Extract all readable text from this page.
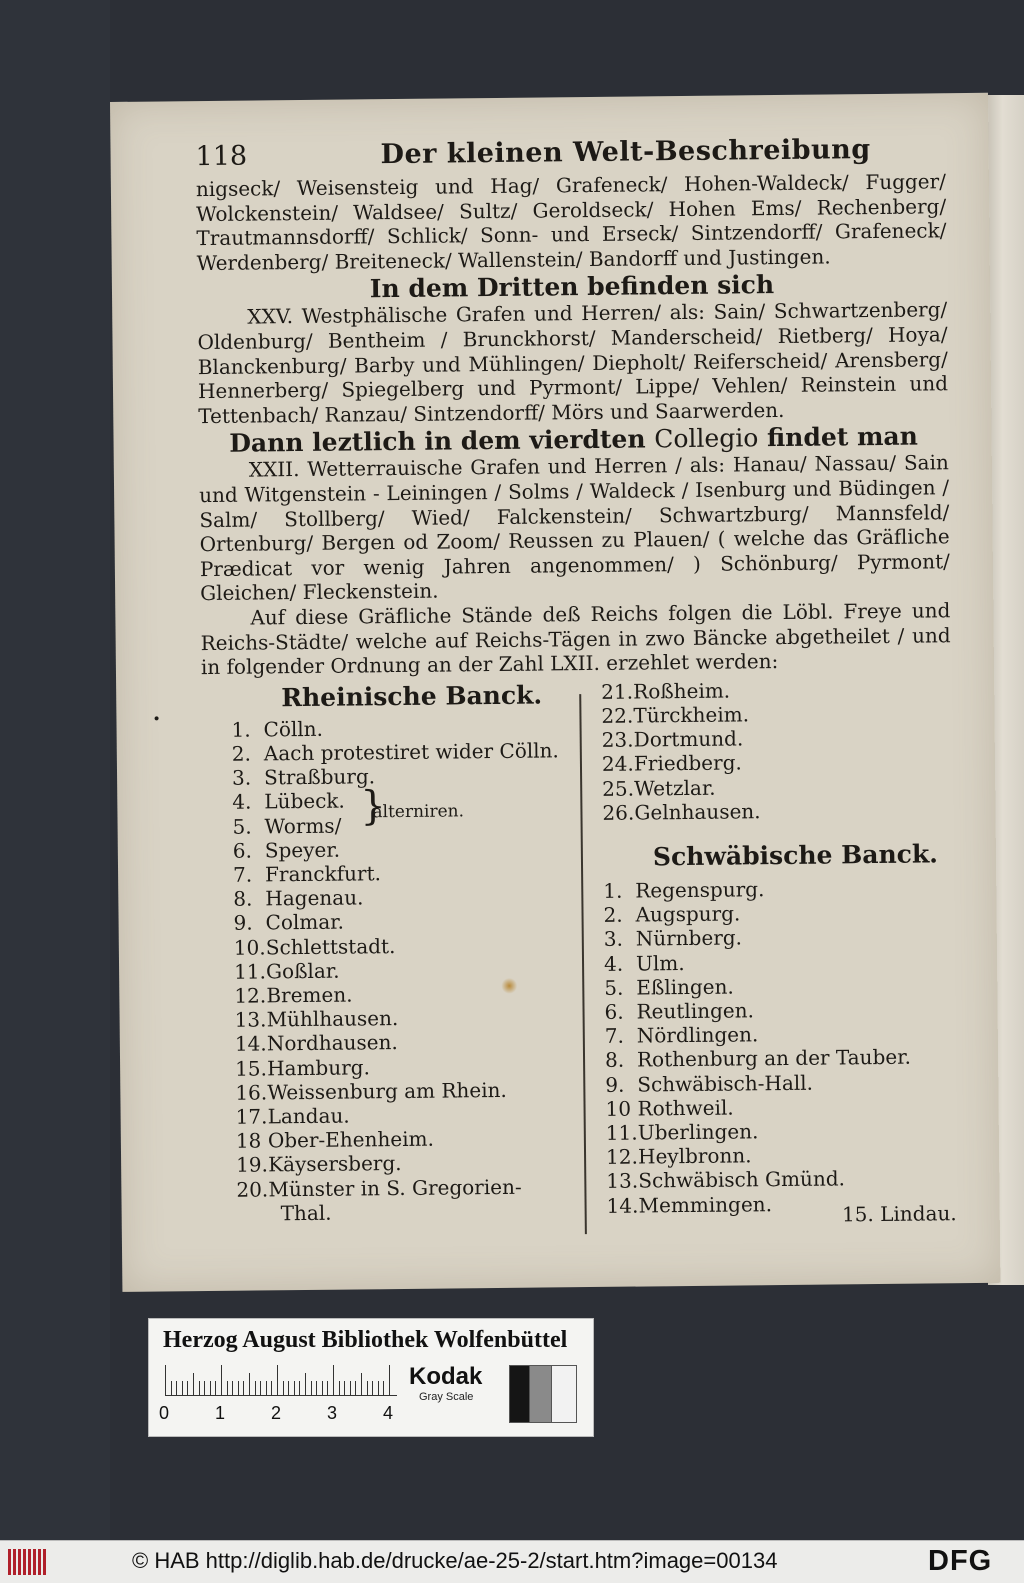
•
118	Der kleinen Welt-Beschreibung

nigseck/ Weisensteig und Hag/ Grafeneck/ Hohen-Waldeck/ Fugger/ Wolckenstein/ Waldsee/ Sultz/ Geroldseck/ Hohen Ems/ Rechenberg/ Trautmannsdorff/ Schlick/ Sonn- und Erseck/ Sintzendorff/ Grafeneck/ Werdenberg/ Breiteneck/ Wallenstein/ Bandorff und Justingen.

In dem Dritten befinden sich

XXV. Westphälische Grafen und Herren/ als: Sain/ Schwartzenberg/ Oldenburg/ Bentheim / Brunckhorst/ Manderscheid/ Rietberg/ Hoya/ Blanckenburg/ Barby und Mühlingen/ Diepholt/ Reiferscheid/ Arensberg/ Hennerberg/ Spiegelberg und Pyrmont/ Lippe/ Vehlen/ Reinstein und Tettenbach/ Ranzau/ Sintzendorff/ Mörs und Saarwerden.

Dann leztlich in dem vierdten Collegio findet man

XXII. Wetterrauische Grafen und Herren / als: Hanau/ Nassau/ Sain und Witgenstein - Leiningen / Solms / Waldeck / Isenburg und Büdingen / Salm/ Stollberg/ Wied/ Falckenstein/ Schwartzburg/ Mannsfeld/ Ortenburg/ Bergen od Zoom/ Reussen zu Plauen/ ( welche das Gräfliche Prædicat vor wenig Jahren angenommen/ ) Schönburg/ Pyrmont/ Gleichen/ Fleckenstein.

Auf diese Gräfliche Stände deß Reichs folgen die Löbl. Freye und Reichs-Städte/ welche auf Reichs-Tägen in zwo Bäncke abgetheilet / und in folgender Ordnung an der Zahl LXII. erzehlet werden:

Rheinische Banck.
1. Cölln.
2. Aach protestiret wider Cölln.
3. Straßburg.
4. Lübeck.
5. Worms/
6. Speyer.
7. Franckfurt.
8. Hagenau.
9. Colmar.
10.Schlettstadt.
11.Goßlar.
12.Bremen.
13.Mühlhausen.
14.Nordhausen.
15.Hamburg.
16.Weissenburg am Rhein.
17.Landau.
18 Ober-Ehenheim.
19.Käysersberg.
20.Münster in S. Gregorien-
Thal.
}
alterniren.
21.Roßheim.
22.Türckheim.
23.Dortmund.
24.Friedberg.
25.Wetzlar.
26.Gelnhausen.
Schwäbische Banck.
1. Regenspurg.
2. Augspurg.
3. Nürnberg.
4. Ulm.
5. Eßlingen.
6. Reutlingen.
7. Nördlingen.
8. Rothenburg an der Tauber.
9. Schwäbisch-Hall.
10 Rothweil.
11.Uberlingen.
12.Heylbronn.
13.Schwäbisch Gmünd.
14.Memmingen.	15. Lindau.
Herzog August Bibliothek Wolfenbüttel
0	1	2	3	4
Kodak
Gray Scale
© HAB http://diglib.hab.de/drucke/ae-25-2/start.htm?image=00134	DFG
